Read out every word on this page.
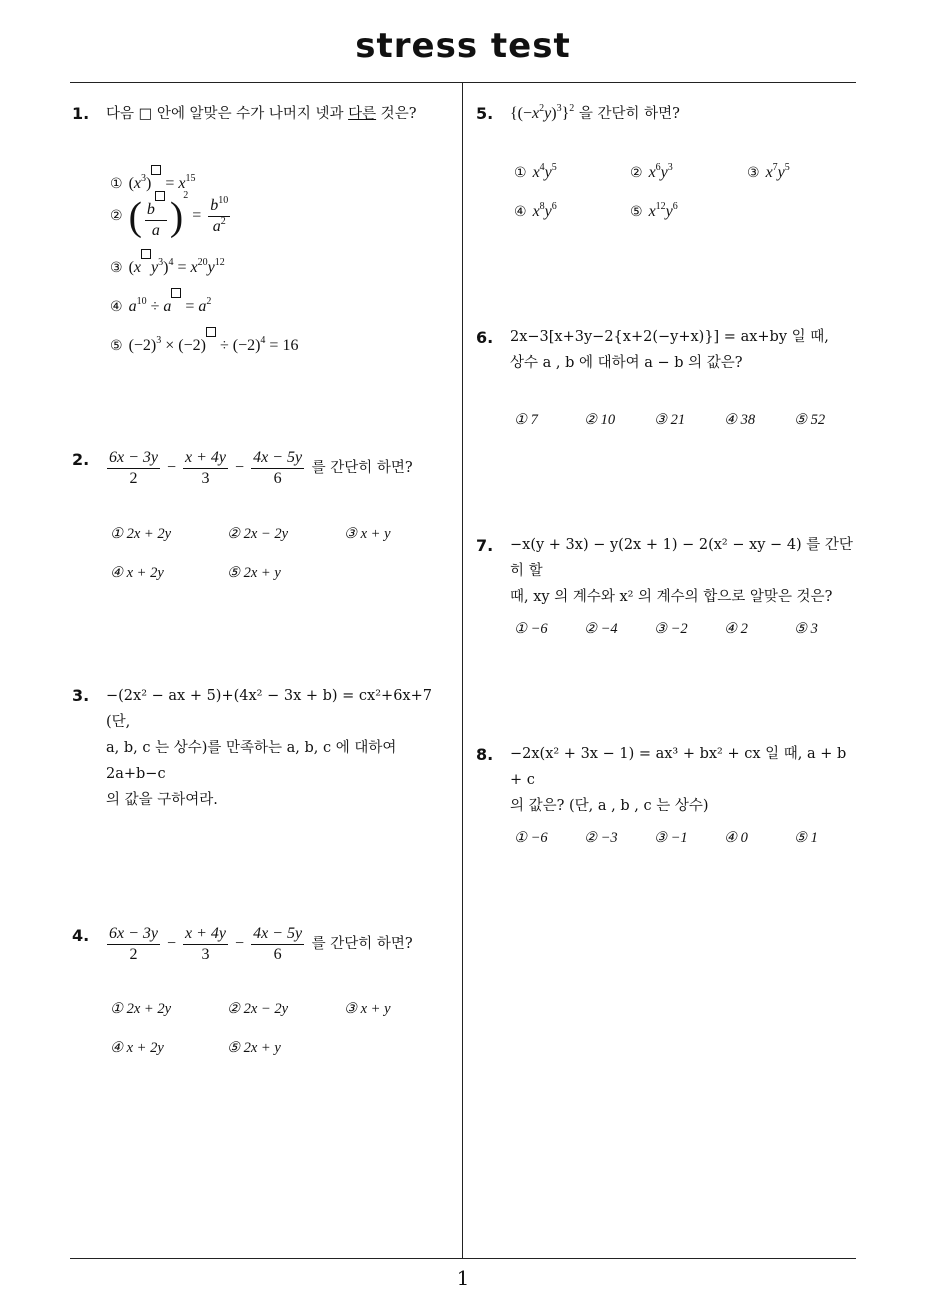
stress test
1
1. 다음 □ 안에 알맞은 수가 나머지 넷과 다른 것은?
① $(x^3) = x^{15}$
② ( $\frac{b}{a} )^2 = \frac{b^{10}}{a^2}$
③ (x $y^3)^4 = x^{20}y^{12}$
④ $a^{10} \div a = a^2$
⑤ $(-2)^3 \times (-2) \div (-2)^4 = 16$
2. $\frac{6x - 3y}{2} - \frac{x + 4y}{3} - \frac{4x - 5y}{6}$ 를 간단히 하면?
① 2x + 2y	② 2x − 2y	③ x + y
④ x + 2y	⑤ 2x + y
3. −(2x² − ax + 5)+(4x² − 3x + b) = cx²+6x+7 (단,
a, b, c 는 상수)를 만족하는 a, b, c 에 대하여 2a+b−c
의 값을 구하여라.
4. $\frac{6x - 3y}{2} - \frac{x + 4y}{3} - \frac{4x - 5y}{6}$ 를 간단히 하면?
① 2x + 2y	② 2x − 2y	③ x + y
④ x + 2y	⑤ 2x + y
5. $\{(-x^2y)^3\}^2$ 을 간단히 하면?
① $x^4y^5$	② $x^6y^3$	③ $x^7y^5$
④ $x^8y^6$	⑤ $x^{12}y^6$
6. 2x−3[x+3y−2{x+2(−y+x)}] = ax+by 일 때,
상수 a , b 에 대하여 a − b 의 값은?
① 7	② 10	③ 21	④ 38	⑤ 52
7. −x(y + 3x) − y(2x + 1) − 2(x² − xy − 4) 를 간단히 할
때, xy 의 계수와 x² 의 계수의 합으로 알맞은 것은?
① −6	② −4	③ −2	④ 2	⑤ 3
8. −2x(x² + 3x − 1) = ax³ + bx² + cx 일 때, a + b + c
의 값은? (단, a , b , c 는 상수)
① −6	② −3	③ −1	④ 0	⑤ 1
